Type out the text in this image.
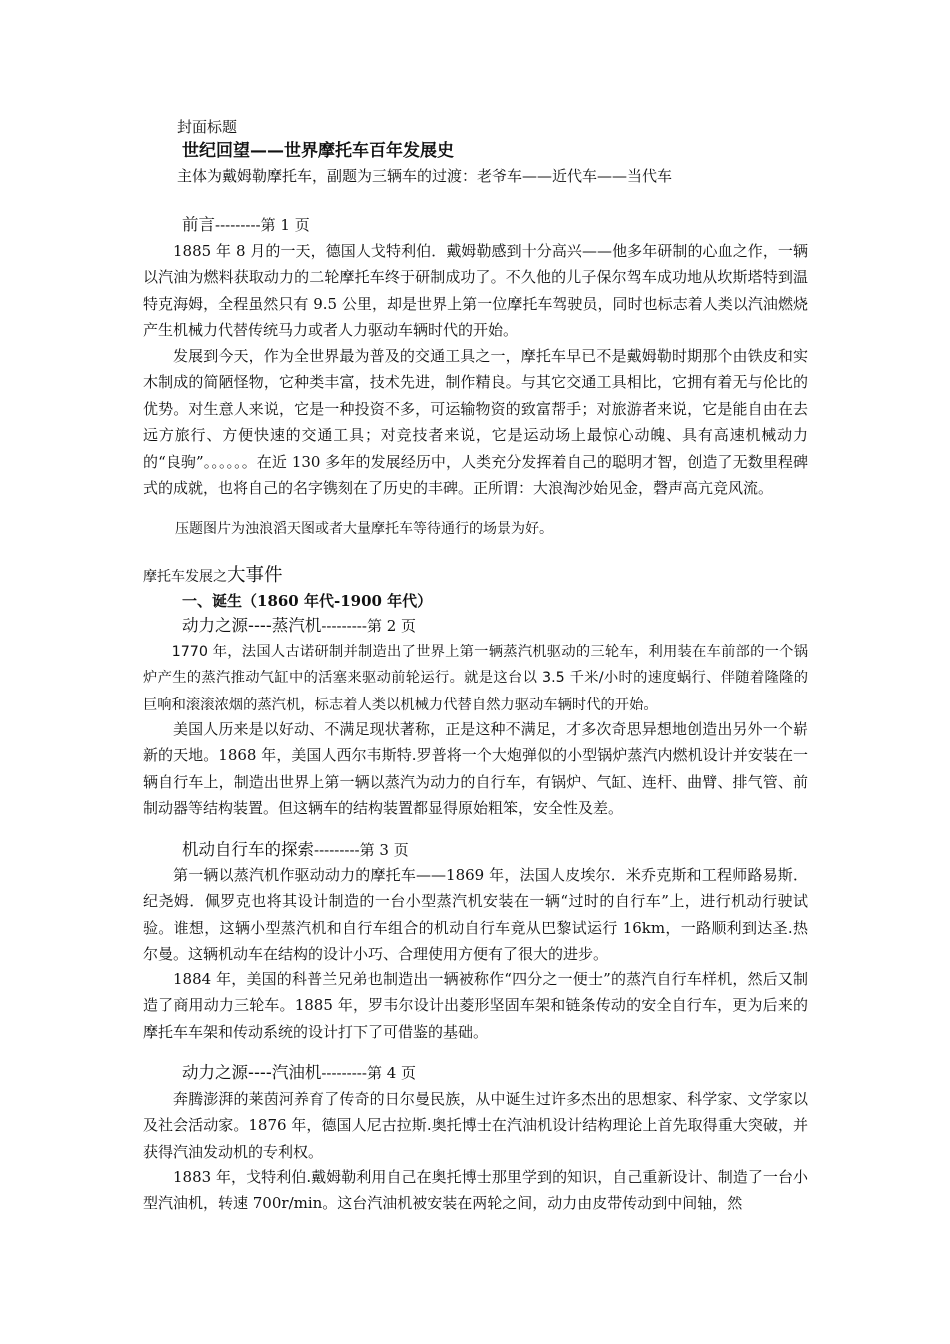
封面标题
世纪回望——世界摩托车百年发展史
主体为戴姆勒摩托车，副题为三辆车的过渡：老爷车——近代车——当代车
前言---------第 1 页

1885 年 8 月的一天，德国人戈特利伯．戴姆勒感到十分高兴——他多年研制的心血之作，一辆以汽油为燃料获取动力的二轮摩托车终于研制成功了。不久他的儿子保尔驾车成功地从坎斯塔特到温特克海姆，全程虽然只有 9.5 公里，却是世界上第一位摩托车驾驶员，同时也标志着人类以汽油燃烧产生机械力代替传统马力或者人力驱动车辆时代的开始。

发展到今天，作为全世界最为普及的交通工具之一，摩托车早已不是戴姆勒时期那个由铁皮和实木制成的简陋怪物，它种类丰富，技术先进，制作精良。与其它交通工具相比，它拥有着无与伦比的优势。对生意人来说，它是一种投资不多，可运输物资的致富帮手；对旅游者来说，它是能自由在去远方旅行、方便快速的交通工具；对竞技者来说，它是运动场上最惊心动魄、具有高速机械动力的“良驹”。。。。。。在近 130 多年的发展经历中，人类充分发挥着自己的聪明才智，创造了无数里程碑式的成就，也将自己的名字镌刻在了历史的丰碑。正所谓：大浪淘沙始见金，磬声高亢竞风流。

压题图片为浊浪滔天图或者大量摩托车等待通行的场景为好。
摩托车发展之大事件
一、诞生（1860 年代-1900 年代）
动力之源----蒸汽机---------第 2 页

1770 年，法国人古诺研制并制造出了世界上第一辆蒸汽机驱动的三轮车，利用装在车前部的一个锅炉产生的蒸汽推动气缸中的活塞来驱动前轮运行。就是这台以 3.5 千米/小时的速度蜗行、伴随着隆隆的巨响和滚滚浓烟的蒸汽机，标志着人类以机械力代替自然力驱动车辆时代的开始。

美国人历来是以好动、不满足现状著称，正是这种不满足，才多次奇思异想地创造出另外一个崭新的天地。1868 年，美国人西尔韦斯特.罗普将一个大炮弹似的小型锅炉蒸汽内燃机设计并安装在一辆自行车上，制造出世界上第一辆以蒸汽为动力的自行车，有锅炉、气缸、连杆、曲臂、排气管、前制动器等结构装置。但这辆车的结构装置都显得原始粗笨，安全性及差。

机动自行车的探索---------第 3 页

第一辆以蒸汽机作驱动动力的摩托车——1869 年，法国人皮埃尔．米乔克斯和工程师路易斯．纪尧姆．佩罗克也将其设计制造的一台小型蒸汽机安装在一辆“过时的自行车”上，进行机动行驶试验。谁想，这辆小型蒸汽机和自行车组合的机动自行车竟从巴黎试运行 16km，一路顺利到达圣.热尔曼。这辆机动车在结构的设计小巧、合理使用方便有了很大的进步。

1884 年，美国的科普兰兄弟也制造出一辆被称作“四分之一便士”的蒸汽自行车样机，然后又制造了商用动力三轮车。1885 年，罗韦尔设计出菱形坚固车架和链条传动的安全自行车，更为后来的摩托车车架和传动系统的设计打下了可借鉴的基础。

动力之源----汽油机---------第 4 页

奔腾澎湃的莱茵河养育了传奇的日尔曼民族，从中诞生过许多杰出的思想家、科学家、文学家以及社会活动家。1876 年，德国人尼古拉斯.奥托博士在汽油机设计结构理论上首先取得重大突破，并获得汽油发动机的专利权。

1883 年，戈特利伯.戴姆勒利用自己在奥托博士那里学到的知识，自己重新设计、制造了一台小型汽油机，转速 700r/min。这台汽油机被安装在两轮之间，动力由皮带传动到中间轴，然
